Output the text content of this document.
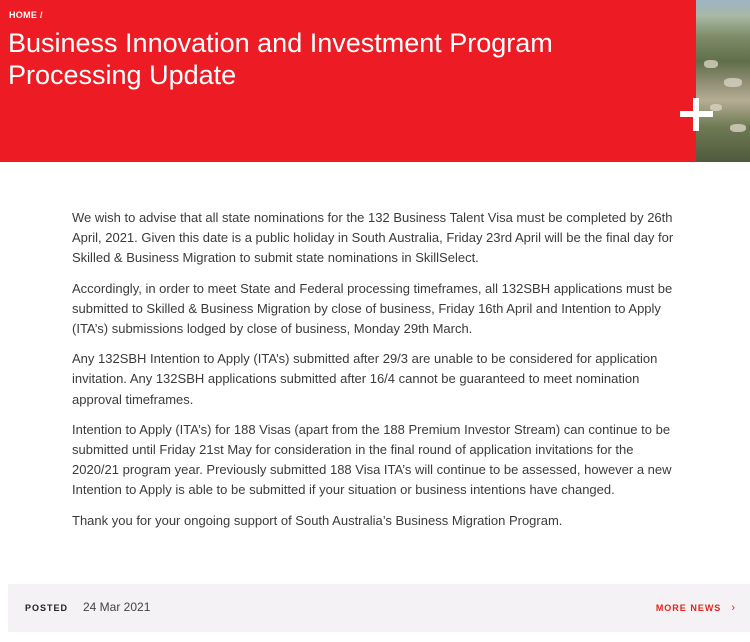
HOME /
Business Innovation and Investment Program Processing Update

We wish to advise that all state nominations for the 132 Business Talent Visa must be completed by 26th April, 2021. Given this date is a public holiday in South Australia, Friday 23rd April will be the final day for Skilled & Business Migration to submit state nominations in SkillSelect.

Accordingly, in order to meet State and Federal processing timeframes, all 132SBH applications must be submitted to Skilled & Business Migration by close of business, Friday 16th April and Intention to Apply (ITA’s) submissions lodged by close of business, Monday 29th March.

Any 132SBH Intention to Apply (ITA’s) submitted after 29/3 are unable to be considered for application invitation. Any 132SBH applications submitted after 16/4 cannot be guaranteed to meet nomination approval timeframes.

Intention to Apply (ITA’s) for 188 Visas (apart from the 188 Premium Investor Stream) can continue to be submitted until Friday 21st May for consideration in the final round of application invitations for the 2020/21 program year. Previously submitted 188 Visa ITA’s will continue to be assessed, however a new Intention to Apply is able to be submitted if your situation or business intentions have changed.

Thank you for your ongoing support of South Australia’s Business Migration Program.

POSTED 24 Mar 2021	MORE NEWS ›
